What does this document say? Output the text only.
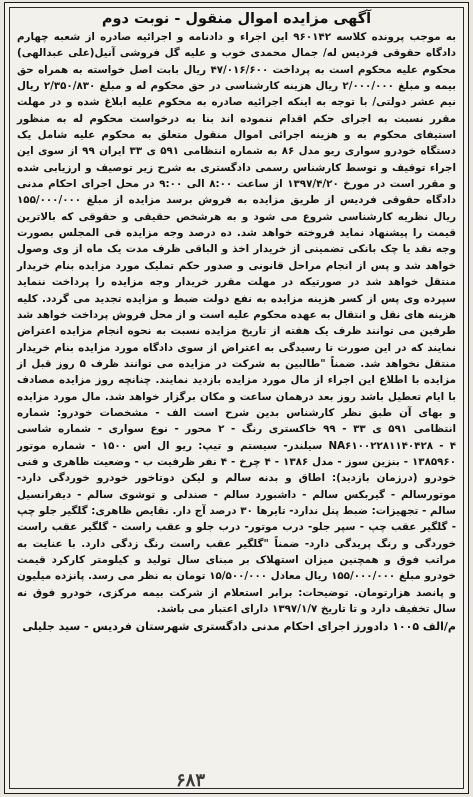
آگهی مزایده اموال منقول - نوبت دوم

به موجب پرونده کلاسه ۹۶۰۱۴۲ این اجراء و دادنامه و اجرائیه صادره از شعبه چهارم دادگاه حقوقی فردیس له/ جمال محمدی خوب و علیه گل فروشی آنیل(علی عبدالهی) محکوم علیه محکوم است به پرداخت ۴۷/۰۱۶/۶۰۰ ریال بابت اصل خواسته به همراه حق بیمه و مبلغ ۲/۰۰۰/۰۰۰ ریال هزینه کارشناسی در حق محکوم له و مبلغ ۲/۳۵۰/۸۳۰ ریال نیم عشر دولتی/ با توجه به اینکه اجرائیه صادره به محکوم علیه ابلاغ شده و در مهلت مقرر نسبت به اجرای حکم اقدام ننموده اند بنا به درخواست محکوم له به منظور استیفای محکوم به و هزینه اجرائی اموال منقول متعلق به محکوم علیه شامل یک دستگاه خودرو سواری ریو مدل ۸۶ به شماره انتظامی ۵۹۱ ی ۳۳ ایران ۹۹ از سوی این اجراء توقیف و توسط کارشناس رسمی دادگستری به شرح زیر توصیف و ارزیابی شده و مقرر است در مورخ ۱۳۹۷/۴/۲۰ از ساعت ۸:۰۰ الی ۹:۰۰ در محل اجرای احکام مدنی دادگاه حقوقی فردیس از طریق مزایده به فروش برسد مزایده از مبلغ ۱۵۵/۰۰۰/۰۰۰ ریال نظریه کارشناسی شروع می شود و به هرشخص حقیقی و حقوقی که بالاترین قیمت را پیشنهاد نماید فروخته خواهد شد. ده درصد وجه مزایده فی المجلس بصورت وجه نقد یا چک بانکی تضمینی از خریدار اخذ و الباقی ظرف مدت یک ماه از وی وصول خواهد شد و پس از انجام مراحل قانونی و صدور حکم تملیک مورد مزایده بنام خریدار منتقل خواهد شد در صورتیکه در مهلت مقرر خریدار وجه مزایده را پرداخت ننماید سپرده وی پس از کسر هزینه مزایده به نفع دولت ضبط و مزایده تجدید می گردد. کلیه هزینه های نقل و انتقال به عهده محکوم علیه است و از محل فروش پرداخت خواهد شد طرفین می توانند ظرف یک هفته از تاریخ مزایده نسبت به نحوه انجام مزایده اعتراض نمایند که در این صورت تا رسیدگی به اعتراض از سوی دادگاه مورد مزایده بنام خریدار منتقل نخواهد شد. ضمناً "طالبین به شرکت در مزایده می توانند ظرف ۵ روز قبل از مزایده با اطلاع این اجراء از مال مورد مزایده بازدید نمایند. چنانچه روز مزایده مصادف با ایام تعطیل باشد روز بعد درهمان ساعت و مکان برگزار خواهد شد. مال مورد مزایده و بهای آن طبق نظر کارشناس بدین شرح است الف - مشخصات خودرو: شماره انتظامی ۵۹۱ ی ۳۳ - ۹۹ خاکستری رنگ - ۲ محور - نوع سواری - شماره شاسی NA۶۱۰۰۲۲۸۱۱۴۰۴۲۸ - ۴ سیلندر- سیستم و تیپ: ریو ال اس ۱۵۰۰ - شماره موتور ۱۳۸۵۹۶۰ - بنزین سوز - مدل ۱۳۸۶ - ۴ چرخ - ۴ نفر ظرفیت ب - وضعیت ظاهری و فنی خودرو (درزمان بازدید): اطاق و بدنه سالم و لیکن دوتاخور خودرو خوردگی دارد- موتورسالم - گیربکس سالم - داشبورد سالم - صندلی و توشوی سالم - دیفرانسیل سالم - تجهیزات: ضبط پنل ندارد- تایرها ۳۰ درصد آج دار. نقایص ظاهری: گلگیر جلو چپ - گلگیر عقب چپ - سپر جلو- درب موتور- درب جلو و عقب راست - گلگیر عقب راست خوردگی و رنگ پریدگی دارد- ضمناً "گلگیر عقب راست رنگ زدگی دارد. با عنایت به مراتب فوق و همچنین میزان استهلاک بر مبنای سال تولید و کیلومتر کارکرد قیمت خودرو مبلغ ۱۵۵/۰۰۰/۰۰۰ ریال معادل ۱۵/۵۰۰/۰۰۰ تومان به نظر می رسد. پانزده میلیون و پانصد هزارتومان. توضیحات: برابر استعلام از شرکت بیمه مرکزی، خودرو فوق نه سال تخفیف دارد و تا تاریخ ۱۳۹۷/۱/۷ دارای اعتبار می باشد.

م/الف ۱۰۰۵ دادورز اجرای احکام مدنی دادگستری شهرستان فردیس - سید جلیلی
۶۸۳
